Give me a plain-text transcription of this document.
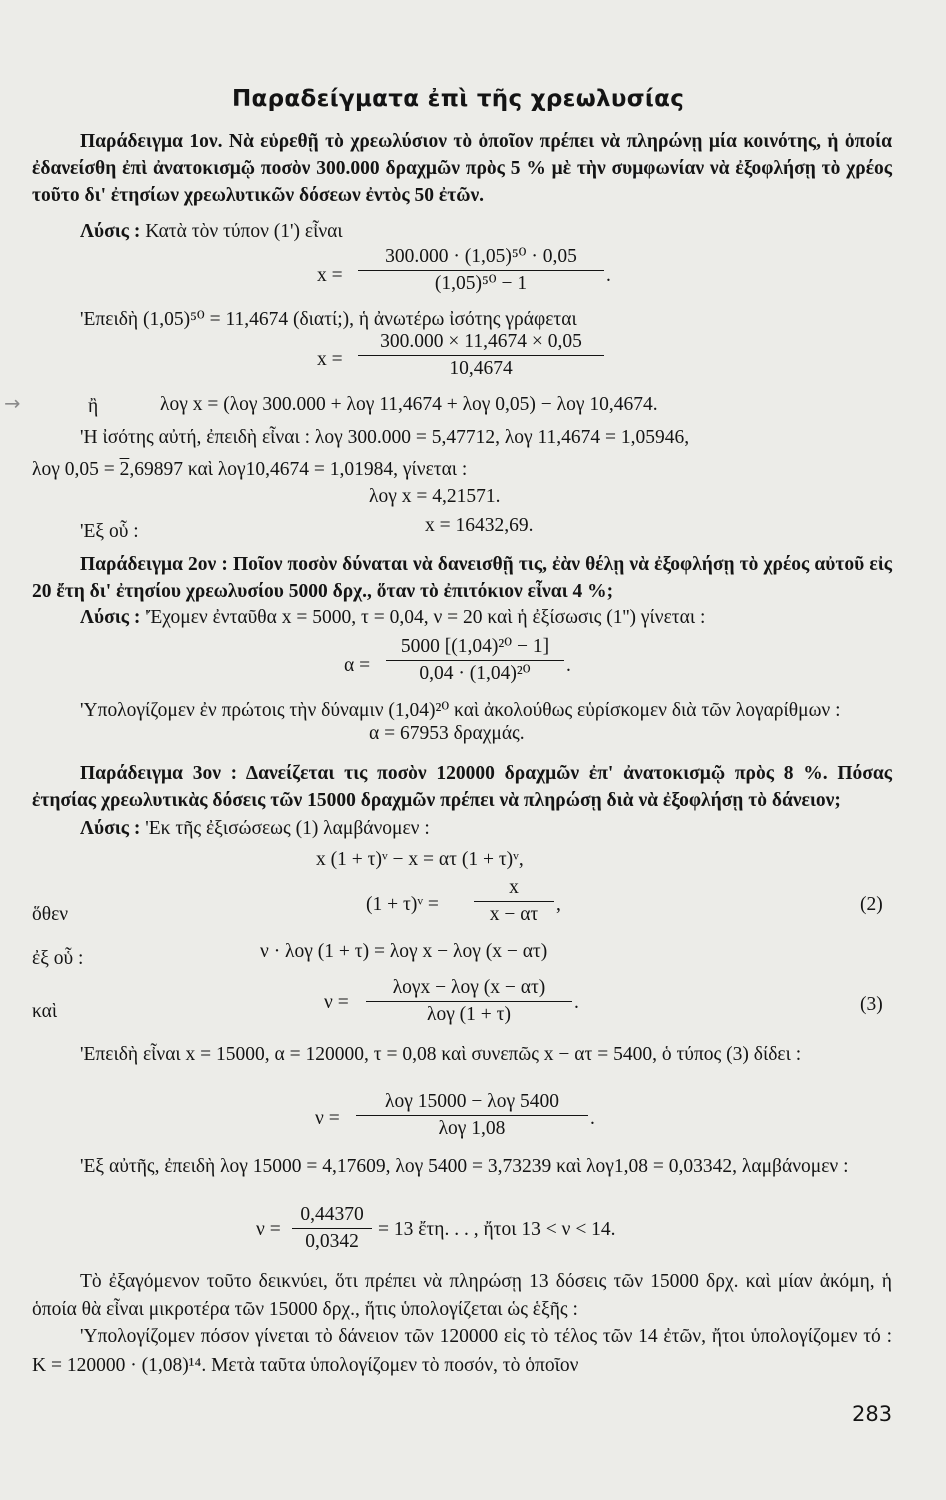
Παραδείγματα ἐπὶ τῆς χρεωλυσίας
Παράδειγμα 1ον. Νὰ εὑρεθῇ τὸ χρεωλύσιον τὸ ὁποῖον πρέπει νὰ πληρώνῃ μία κοινότης, ἡ ὁποία ἐδανείσθη ἐπὶ ἀνατοκισμῷ ποσὸν 300.000 δραχμῶν πρὸς 5 % μὲ τὴν συμφωνίαν νὰ ἐξοφλήσῃ τὸ χρέος τοῦτο δι' ἐτησίων χρεωλυτικῶν δόσεων ἐντὸς 50 ἐτῶν.
Λύσις : Κατὰ τὸν τύπον (1') εἶναι
$x = \frac{\text{300.000 · (1,05)⁵⁰ · 0,05}}{\text{(1,05)⁵⁰ − 1}}$ .
'Επειδὴ (1,05)⁵⁰ = 11,4674 (διατί;), ἡ ἀνωτέρω ἰσότης γράφεται
$x = \frac{300.000 \times 11,4674 \times 0,05}{10,4674}$
→	ἢ	λογ x = (λογ 300.000 + λογ 11,4674 + λογ 0,05) − λογ 10,4674.
'Η ἰσότης αὐτή, ἐπειδὴ εἶναι : λογ 300.000 = 5,47712, λογ 11,4674 = 1,05946,
λογ 0,05 = 2,69897 καὶ λογ10,4674 = 1,01984, γίνεται :
λογ x = 4,21571.
'Εξ οὗ :	x = 16432,69.
Παράδειγμα 2ον : Ποῖον ποσὸν δύναται νὰ δανεισθῇ τις, ἐὰν θέλῃ νὰ ἐξοφλήσῃ τὸ χρέος αὐτοῦ εἰς 20 ἔτη δι' ἐτησίου χρεωλυσίου 5000 δρχ., ὅταν τὸ ἐπιτόκιον εἶναι 4 %;
Λύσις : 'Έχομεν ἐνταῦθα x = 5000, τ = 0,04, ν = 20 καὶ ἡ ἐξίσωσις (1'') γίνεται :
$\alpha = \frac{\text{5000 [(1,04)²⁰ − 1]}}{\text{0,04 · (1,04)²⁰}}$ .
'Υπολογίζομεν ἐν πρώτοις τὴν δύναμιν (1,04)²⁰ καὶ ἀκολούθως εὑρίσκομεν διὰ τῶν λογαρίθμων :
α = 67953 δραχμάς.
Παράδειγμα 3ον : Δανείζεται τις ποσὸν 120000 δραχμῶν ἐπ' ἀνατοκισμῷ πρὸς 8 %. Πόσας ἐτησίας χρεωλυτικὰς δόσεις τῶν 15000 δραχμῶν πρέπει νὰ πληρώσῃ διὰ νὰ ἐξοφλήσῃ τὸ δάνειον;
Λύσις : 'Εκ τῆς ἐξισώσεως (1) λαμβάνομεν :
x (1 + τ)ᵛ − x = ατ (1 + τ)ᵛ,
ὅθεν	(1 + τ)ᵛ = $\frac{x}{x - \alpha\tau}$ ,	(2)
ἐξ οὗ :	ν · λογ (1 + τ) = λογ x − λογ (x − ατ)
καὶ	ν =
λογx − λογ (x − ατ)
λογ (1 + τ)
.	(3)
'Επειδὴ εἶναι x = 15000, α = 120000, τ = 0,08 καὶ συνεπῶς x − ατ = 5400, ὁ τύπος (3) δίδει :
ν =
λογ 15000 − λογ 5400
λογ 1,08	.
'Εξ αὐτῆς, ἐπειδὴ λογ 15000 = 4,17609, λογ 5400 = 3,73239 καὶ λογ1,08 = 0,03342, λαμβάνομεν :
$\nu = \frac{0,44370}{0,0342} = 13$ ἔτη. . . , ἤτοι 13 < ν < 14.
Τὸ ἐξαγόμενον τοῦτο δεικνύει, ὅτι πρέπει νὰ πληρώσῃ 13 δόσεις τῶν 15000 δρχ. καὶ μίαν ἀκόμη, ἡ ὁποία θὰ εἶναι μικροτέρα τῶν 15000 δρχ., ἥτις ὑπολογίζεται ὡς ἑξῆς :
'Υπολογίζομεν πόσον γίνεται τὸ δάνειον τῶν 120000 εἰς τὸ τέλος τῶν 14 ἐτῶν, ἤτοι ὑπολογίζομεν τό : K = 120000 · (1,08)¹⁴. Μετὰ ταῦτα ὑπολογίζομεν τὸ ποσόν, τὸ ὁποῖον
283
